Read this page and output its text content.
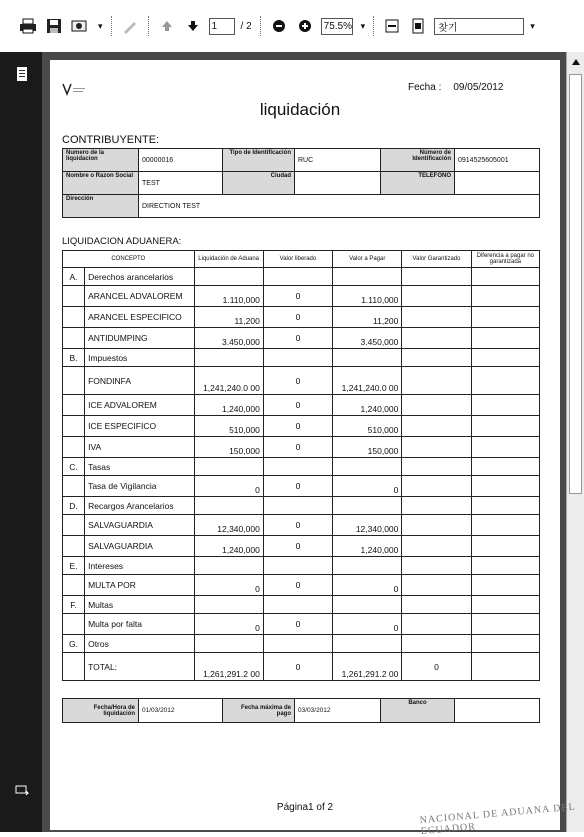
▾	1	/ 2	75.5% ▾	찾기	▾
Fecha : 09/05/2012
liquidación
CONTRIBUYENTE:
Numero de la liquidacion	00000016	Tipo de Identificación	RUC	Número de Identificación	0914525605001
Nombre o Razon Social	TEST	Ciudad		TELEFONO	
Dirección	DIRECTION TEST				
LIQUIDACION ADUANERA:
CONCEPTO		Liquidación de Aduana	Valor liberado	Valor a Pagar	Valor Garantizado	Diferencia a pagar no garantizada
A.	Derechos arancelarios					
	ARANCEL ADVALOREM	1.110,000	0	1.110,000		
	ARANCEL ESPECIFICO	11,200	0	11,200		
	ANTIDUMPING	3.450,000	0	3.450,000		
B.	Impuestos					
	FONDINFA	1,241,240.0 00	0	1,241,240.0 00		
	ICE ADVALOREM	1,240,000	0	1,240,000		
	ICE ESPECIFICO	510,000	0	510,000		
	IVA	150,000	0	150,000		
C.	Tasas					
	Tasa de Vigilancia	0	0	0		
D.	Recargos Arancelarios					
	SALVAGUARDIA	12,340,000	0	12,340,000		
	SALVAGUARDIA	1,240,000	0	1,240,000		
E.	Intereses					
	MULTA POR	0	0	0		
F.	Multas					
	Multa por falta	0	0	0		
G.	Otros					
	TOTAL:	1,261,291.2 00	0	1,261,291.2 00	0	
Fecha/Hora de liquidación	01/03/2012	Fecha máxima de pago	03/03/2012	Banco	
Página1 of 2	NACIONAL DE ADUANA DEL ECUADOR
